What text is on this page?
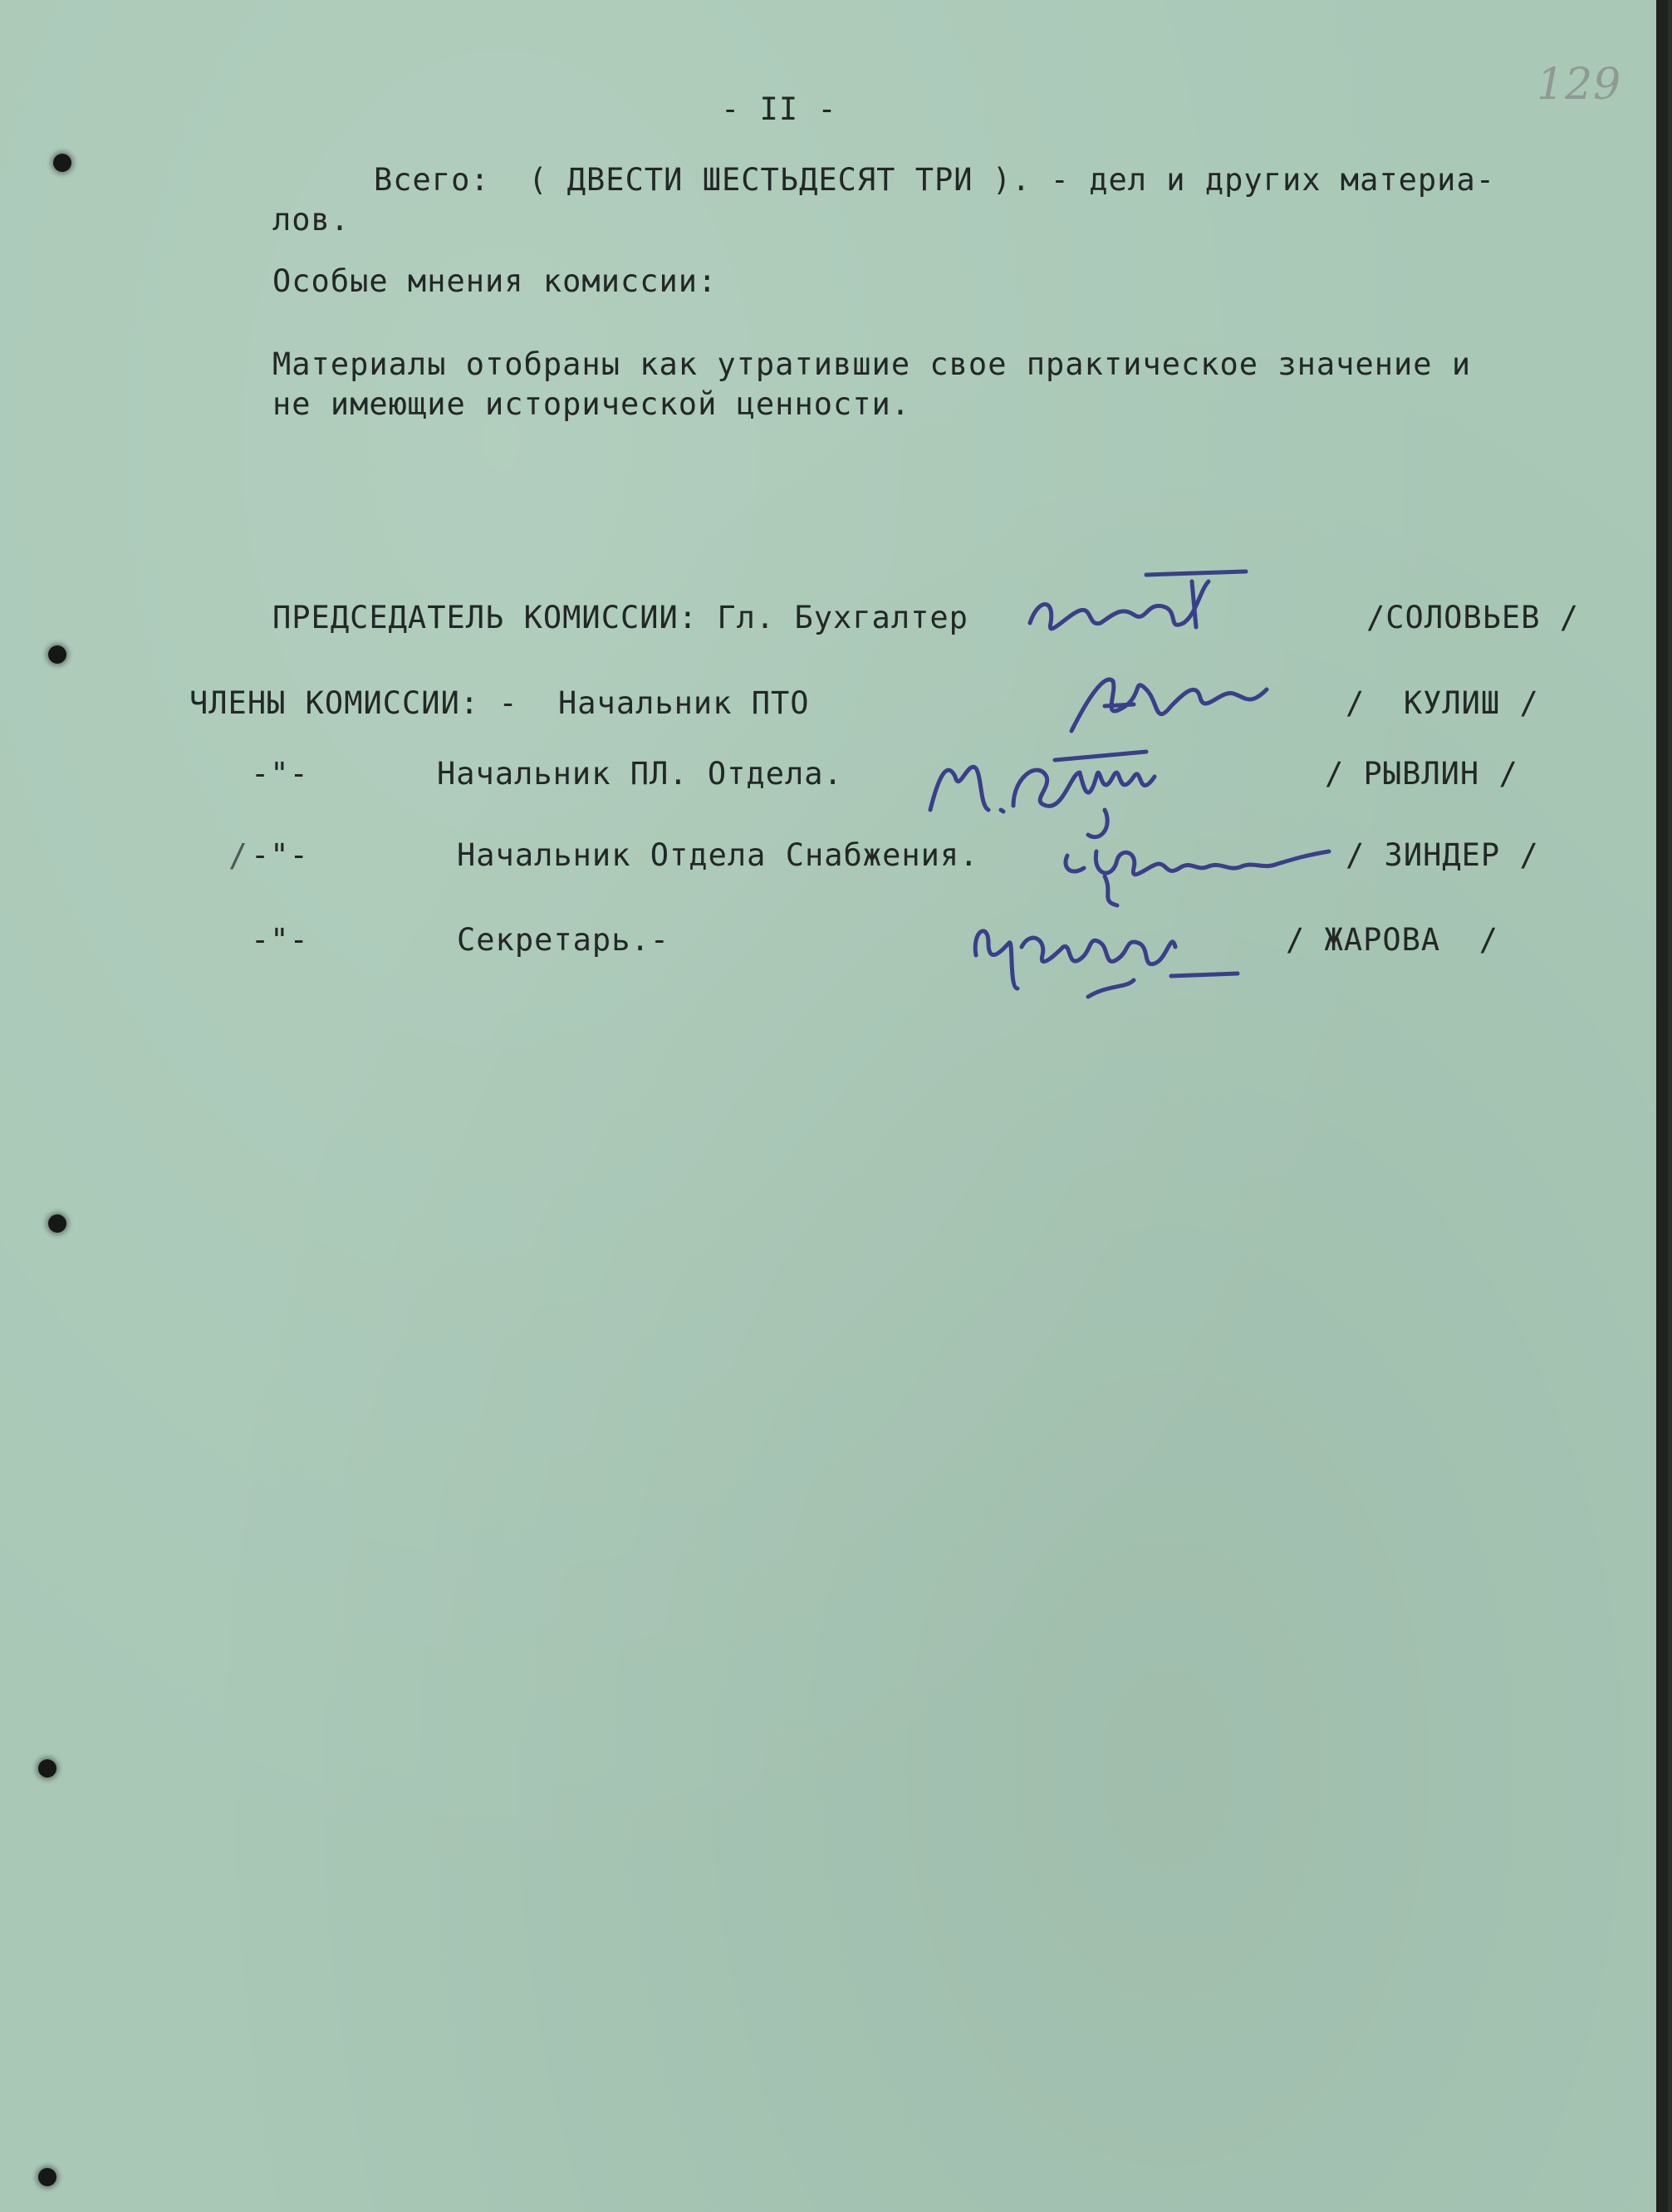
129
- II -
Всего:  ( ДВЕСТИ ШЕСТЬДЕСЯТ ТРИ ). - дел и других материа-
лов.
Особые мнения комиссии:
Материалы отобраны как утратившие свое практическое значение и
не имеющие исторической ценности.
ПРЕДСЕДАТЕЛЬ КОМИССИИ: Гл. Бухгалтер	/СОЛОВЬЕВ /
ЧЛЕНЫ КОМИССИИ: - Начальник ПТО	/  КУЛИШ /
-"-	Начальник ПЛ. Отдела.	/ РЫВЛИН /
-"-	Начальник Отдела Снабжения.	/ ЗИНДЕР /
-"-	Секретарь.-	/ ЖАРОВА  /
/
